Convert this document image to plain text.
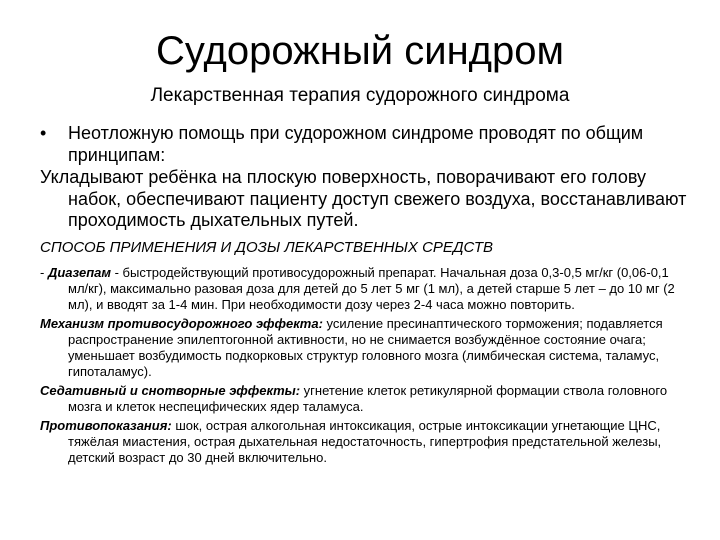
Судорожный синдром
Лекарственная терапия судорожного синдрома
• Неотложную помощь при судорожном синдроме проводят по общим принципам:
Укладывают ребёнка на плоскую поверхность, поворачивают его голову набок, обеспечивают пациенту доступ свежего воздуха, восстанавливают проходимость дыхательных путей.
СПОСОБ ПРИМЕНЕНИЯ И ДОЗЫ ЛЕКАРСТВЕННЫХ СРЕДСТВ
- Диазепам - быстродействующий противосудорожный препарат. Начальная доза 0,3-0,5 мг/кг (0,06-0,1 мл/кг), максимально разовая доза для детей до 5 лет 5 мг (1 мл), а детей старше 5 лет – до 10 мг (2 мл), и вводят за 1-4 мин. При необходимости дозу через 2-4 часа можно повторить.
Механизм противосудорожного эффекта: усиление пресинаптического торможения; подавляется распространение эпилептогонной активности, но не снимается возбуждённое состояние очага; уменьшает возбудимость подкорковых структур головного мозга (лимбическая система, таламус, гипоталамус).
Седативный и снотворные эффекты: угнетение клеток ретикулярной формации ствола головного мозга и клеток неспецифических ядер таламуса.
Противопоказания: шок, острая алкогольная интоксикация, острые интоксикации угнетающие ЦНС, тяжёлая миастения, острая дыхательная недостаточность, гипертрофия предстательной железы, детский возраст до 30 дней включительно.
